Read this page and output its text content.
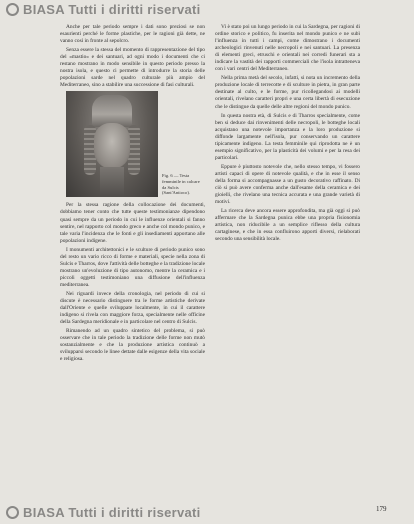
BIASA Tutti i diritti riservati

Anche per tale periodo sempre i dati sono preziosi se non esaurienti perché le forme plastiche, per le ragioni già dette, ne vanno così in fronte al sepolcro.

Senza essere la stessa del momento di rappresentazione del tipo del «mastio» e dei santuari, ad ogni modo i documenti che ci restano mostrano in modo sensibile in questo periodo presso la nostra isola, e questo ci permette di introdurre la storia delle popolazioni sarde nel quadro culturale più ampio del Mediterraneo, sino a stabilire una successione di fasi culturali.

Fig. 6 — Testa femminile in calcare da Sulcis (Sant'Antioco).

Per la stessa ragione della collocazione dei documenti, dobbiamo tener conto che tutte queste testimonianze dipendono quasi sempre da un periodo in cui le influenze orientali si fanno sentire, nel rapporto col mondo greco e anche col mondo punico, e tale varia l'incidenza che le fonti e gli insediamenti apportano alle popolazioni indigene.

I monumenti architettonici e le sculture di periodo punico sono del resto un vario ricco di forme e materiali, specie nella zona di Sulcis e Tharros, dove l'attività delle botteghe e la tradizione locale mostrano un'evoluzione di tipo autonomo, mentre la ceramica e i piccoli oggetti testimoniano una diffusione dell'influenza mediterranea.

Nei riguardi invece della cronologia, nel periodo di cui si discute è necessario distinguere tra le forme artistiche derivate dall'Oriente e quelle sviluppate localmente, in cui il carattere indigeno si rivela con maggiore forza, specialmente nelle officine della Sardegna meridionale e in particolare nel centro di Sulcis.

Rimanendo ad un quadro sintetico del problema, si può osservare che in tale periodo la tradizione delle forme non mutò sostanzialmente e che la produzione artistica continuò a svilupparsi secondo le linee dettate dalle esigenze della vita sociale e religiosa.

Vi è stato poi un lungo periodo in cui la Sardegna, per ragioni di ordine storico e politico, fu inserita nel mondo punico e ne subì l'influenza in tutti i campi, come dimostrano i documenti archeologici rinvenuti nelle necropoli e nei santuari. La presenza di elementi greci, etruschi e orientali nei corredi funerari sta a indicare la vastità dei rapporti commerciali che l'isola intratteneva con i vari centri del Mediterraneo.

Nella prima metà del secolo, infatti, si nota un incremento della produzione locale di terrecotte e di sculture in pietra, in gran parte destinate al culto, e le forme, pur ricollegandosi ai modelli orientali, rivelano caratteri propri e una certa libertà di esecuzione che le distingue da quelle delle altre regioni del mondo punico.

In questa nostra età, di Sulcis e di Tharros specialmente, come ben si deduce dai rinvenimenti delle necropoli, le botteghe locali acquistano una notevole importanza e la loro produzione si diffonde largamente nell'isola, pur conservando un carattere tipicamente indigeno. La testa femminile qui riprodotta ne è un esempio significativo, per la plasticità dei volumi e per la resa dei particolari.

Eppure è piuttosto notevole che, nello stesso tempo, vi fossero artisti capaci di opere di notevole qualità, e che in esse il senso della forma si accompagnasse a un gusto decorativo raffinato. Di ciò si può avere conferma anche dall'esame della ceramica e dei gioielli, che rivelano una tecnica accurata e una grande varietà di motivi.

La ricerca deve ancora essere approfondita, ma già oggi si può affermare che la Sardegna punica ebbe una propria fisionomia artistica, non riducibile a un semplice riflesso della cultura cartaginese, e che in essa confluirono apporti diversi, rielaborati secondo una sensibilità locale.

BIASA Tutti i diritti riservati	179
